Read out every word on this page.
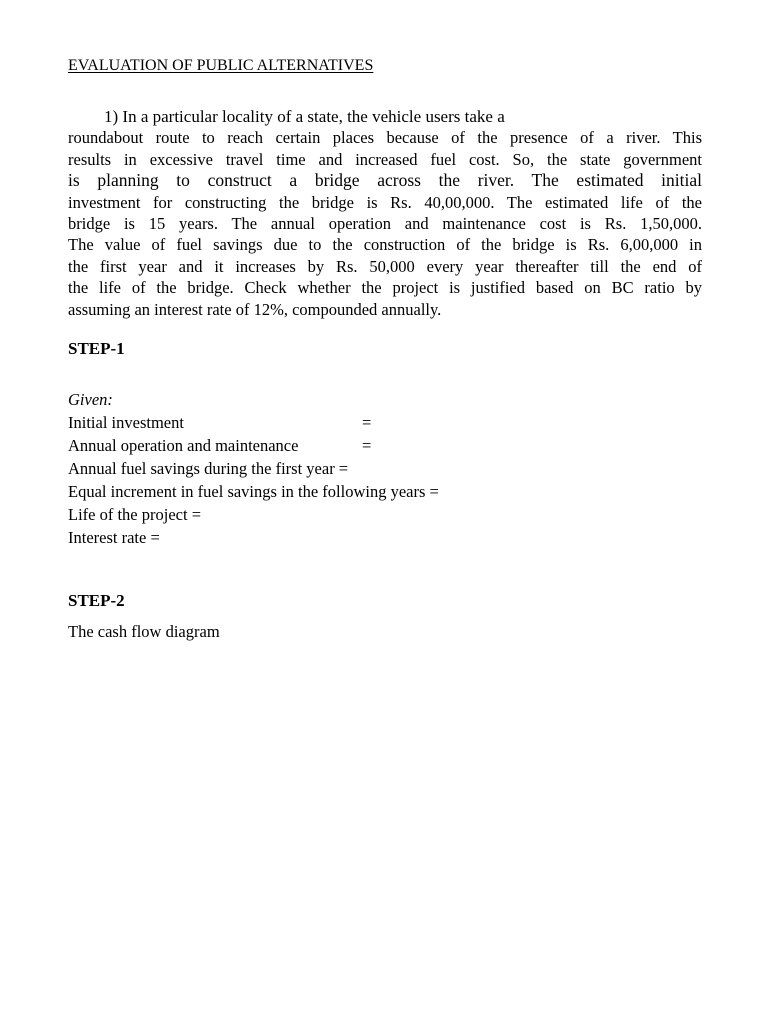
EVALUATION OF PUBLIC ALTERNATIVES
1) In a particular locality of a state, the vehicle users take a
roundabout route to reach certain places because of the presence of a river. This
results in excessive travel time and increased fuel cost. So, the state government
is planning to construct a bridge across the river. The estimated initial
investment for constructing the bridge is Rs. 40,00,000. The estimated life of the
bridge is 15 years. The annual operation and maintenance cost is Rs. 1,50,000.
The value of fuel savings due to the construction of the bridge is Rs. 6,00,000 in
the first year and it increases by Rs. 50,000 every year thereafter till the end of
the life of the bridge. Check whether the project is justified based on BC ratio by
assuming an interest rate of 12%, compounded annually.
STEP-1
Given:
Initial investment	=
Annual operation and maintenance	=
Annual fuel savings during the first year =
Equal increment in fuel savings in the following years =
Life of the project =
Interest rate =
STEP-2
The cash flow diagram
